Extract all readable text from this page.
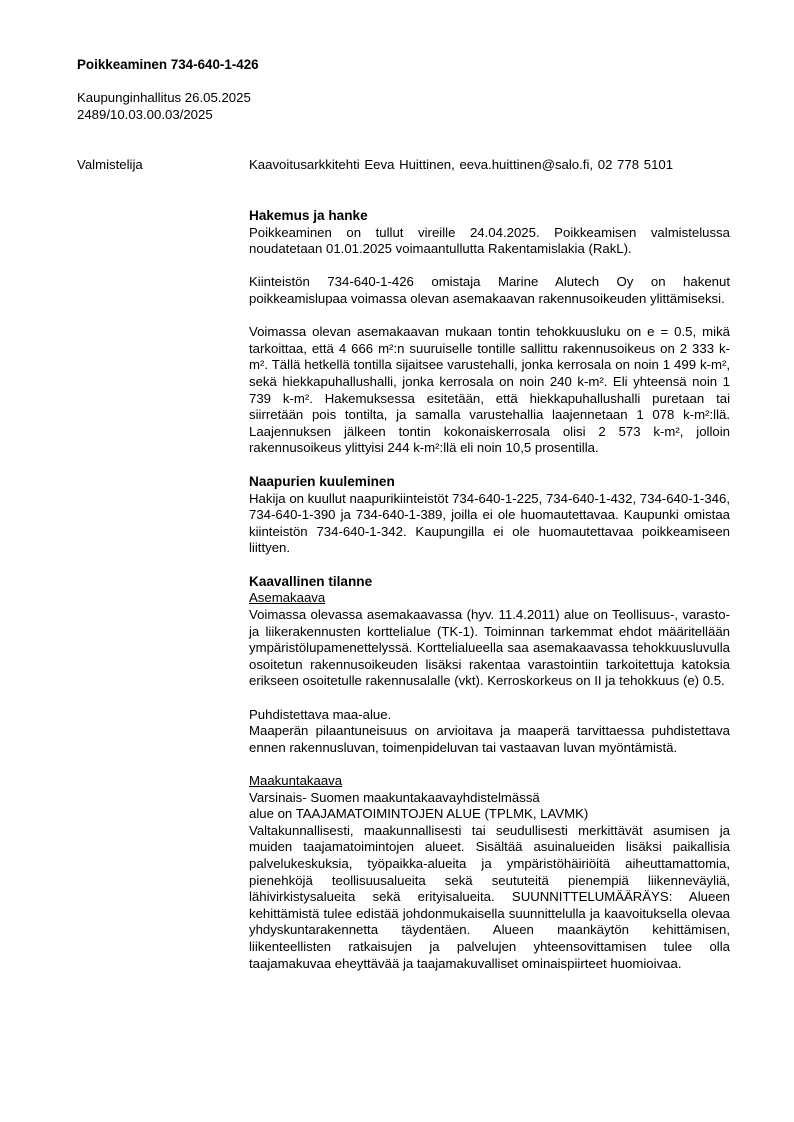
Poikkeaminen 734-640-1-426
Kaupunginhallitus 26.05.2025
2489/10.03.00.03/2025
Valmistelija	Kaavoitusarkkitehti Eeva Huittinen, eeva.huittinen@salo.fi, 02 778 5101
Hakemus ja hanke

Poikkeaminen on tullut vireille 24.04.2025. Poikkeamisen valmistelussa noudatetaan 01.01.2025 voimaantullutta Rakentamislakia (RakL).

Kiinteistön 734-640-1-426 omistaja Marine Alutech Oy on hakenut poikkeamislupaa voimassa olevan asemakaavan rakennusoikeuden ylittämiseksi.

Voimassa olevan asemakaavan mukaan tontin tehokkuusluku on e = 0.5, mikä tarkoittaa, että 4 666 m²:n suuruiselle tontille sallittu rakennusoikeus on 2 333 k-m². Tällä hetkellä tontilla sijaitsee varustehalli, jonka kerrosala on noin 1 499 k-m², sekä hiekkapuhallushalli, jonka kerrosala on noin 240 k-m². Eli yhteensä noin 1 739 k-m². Hakemuksessa esitetään, että hiekkapuhallushalli puretaan tai siirretään pois tontilta, ja samalla varustehallia laajennetaan 1 078 k-m²:llä. Laajennuksen jälkeen tontin kokonaiskerrosala olisi 2 573 k-m², jolloin rakennusoikeus ylittyisi 244 k-m²:llä eli noin 10,5 prosentilla.

Naapurien kuuleminen

Hakija on kuullut naapurikiinteistöt 734-640-1-225, 734-640-1-432, 734-640-1-346, 734-640-1-390 ja 734-640-1-389, joilla ei ole huomautettavaa. Kaupunki omistaa kiinteistön 734-640-1-342. Kaupungilla ei ole huomautettavaa poikkeamiseen liittyen.

Kaavallinen tilanne
Asemakaava

Voimassa olevassa asemakaavassa (hyv. 11.4.2011) alue on Teollisuus-, varasto- ja liikerakennusten korttelialue (TK-1). Toiminnan tarkemmat ehdot määritellään ympäristölupamenettelyssä. Korttelialueella saa asemakaavassa tehokkuusluvulla osoitetun rakennusoikeuden lisäksi rakentaa varastointiin tarkoitettuja katoksia erikseen osoitetulle rakennusalalle (vkt). Kerroskorkeus on II ja tehokkuus (e) 0.5.

Puhdistettava maa-alue.

Maaperän pilaantuneisuus on arvioitava ja maaperä tarvittaessa puhdistettava ennen rakennusluvan, toimenpideluvan tai vastaavan luvan myöntämistä.

Maakuntakaava
Varsinais- Suomen maakuntakaavayhdistelmässä
alue on TAAJAMATOIMINTOJEN ALUE (TPLMK, LAVMK)

Valtakunnallisesti, maakunnallisesti tai seudullisesti merkittävät asumisen ja muiden taajamatoimintojen alueet. Sisältää asuinalueiden lisäksi paikallisia palvelukeskuksia, työpaikka-alueita ja ympäristöhäiriöitä aiheuttamattomia, pienehköjä teollisuusalueita sekä seututeitä pienempiä liikenneväyliä, lähivirkistysalueita sekä erityisalueita. SUUNNITTELUMÄÄRÄYS: Alueen kehittämistä tulee edistää johdonmukaisella suunnittelulla ja kaavoituksella olevaa yhdyskuntarakennetta täydentäen. Alueen maankäytön kehittämisen, liikenteellisten ratkaisujen ja palvelujen yhteensovittamisen tulee olla taajamakuvaa eheyttävää ja taajamakuvalliset ominaispiirteet huomioivaa.
